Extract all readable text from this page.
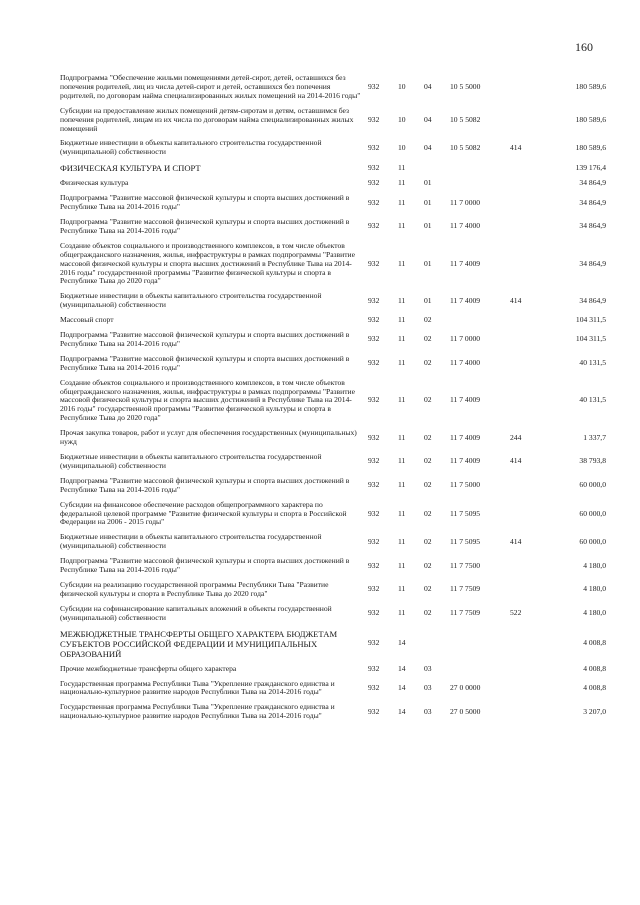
160
Подпрограмма "Обеспечение жильми помещениями детей-сирот, детей, оставшихся без попечения родителей, лиц из числа детей-сирот и детей, оставшихся без попечения родителей, по договорам найма специализированных жилых помещений на 2014-2016 годы"	932	10	04	10 5 5000		180 589,6
Субсидии на предоставление жилых помещений детям-сиротам и детям, оставшимся без попечения родителей, лицам из их числа по договорам найма специализированных жилых помещений	932	10	04	10 5 5082		180 589,6
Бюджетные инвестиции в объекты капитального строительства государственной (муниципальной) собственности	932	10	04	10 5 5082	414	180 589,6
ФИЗИЧЕСКАЯ КУЛЬТУРА И СПОРТ	932	11				139 176,4
Физическая культура	932	11	01			34 864,9
Подпрограмма "Развитие массовой физической культуры и спорта высших достижений в Республике Тыва на 2014-2016 годы"	932	11	01	11 7 0000		34 864,9
Подпрограмма "Развитие массовой физической культуры и спорта высших достижений в Республике Тыва на 2014-2016 годы"	932	11	01	11 7 4000		34 864,9
Создание объектов социального и производственного комплексов, в том числе объектов общегражданского назначения, жилья, инфраструктуры в рамках подпрограммы "Развитие массовой физической культуры и спорта высших достижений в Республике Тыва на 2014-2016 годы" государственной программы "Развитие физической культуры и спорта в Республике Тыва до 2020 года"	932	11	01	11 7 4009		34 864,9
Бюджетные инвестиции в объекты капитального строительства государственной (муниципальной) собственности	932	11	01	11 7 4009	414	34 864,9
Массовый спорт	932	11	02			104 311,5
Подпрограмма "Развитие массовой физической культуры и спорта высших достижений в Республике Тыва на 2014-2016 годы"	932	11	02	11 7 0000		104 311,5
Подпрограмма "Развитие массовой физической культуры и спорта высших достижений в Республике Тыва на 2014-2016 годы"	932	11	02	11 7 4000		40 131,5
Создание объектов социального и производственного комплексов, в том числе объектов общегражданского назначения, жилья, инфраструктуры в рамках подпрограммы "Развитие массовой физической культуры и спорта высших достижений в Республике Тыва на 2014-2016 годы" государственной программы "Развитие физической культуры и спорта в Республике Тыва до 2020 года"	932	11	02	11 7 4009		40 131,5
Прочая закупка товаров, работ и услуг для обеспечения государственных (муниципальных) нужд	932	11	02	11 7 4009	244	1 337,7
Бюджетные инвестиции в объекты капитального строительства государственной (муниципальной) собственности	932	11	02	11 7 4009	414	38 793,8
Подпрограмма "Развитие массовой физической культуры и спорта высших достижений в Республике Тыва на 2014-2016 годы"	932	11	02	11 7 5000		60 000,0
Субсидии на финансовое обеспечение расходов общепрограммного характера по федеральной целевой программе "Развитие физической культуры и спорта в Российской Федерации на 2006 - 2015 годы"	932	11	02	11 7 5095		60 000,0
Бюджетные инвестиции в объекты капитального строительства государственной (муниципальной) собственности	932	11	02	11 7 5095	414	60 000,0
Подпрограмма "Развитие массовой физической культуры и спорта высших достижений в Республике Тыва на 2014-2016 годы"	932	11	02	11 7 7500		4 180,0
Субсидии на реализацию государственной программы Республики Тыва "Развитие физической культуры и спорта в Республике Тыва до 2020 года"	932	11	02	11 7 7509		4 180,0
Субсидии на софинансирование капитальных вложений в объекты государственной (муниципальной) собственности	932	11	02	11 7 7509	522	4 180,0
МЕЖБЮДЖЕТНЫЕ ТРАНСФЕРТЫ ОБЩЕГО ХАРАКТЕРА БЮДЖЕТАМ СУБЪЕКТОВ РОССИЙСКОЙ ФЕДЕРАЦИИ И МУНИЦИПАЛЬНЫХ ОБРАЗОВАНИЙ	932	14				4 008,8
Прочие межбюджетные трансферты общего характера	932	14	03			4 008,8
Государственная программа Республики Тыва "Укрепление гражданского единства и национально-культурное развитие народов Республики Тыва на 2014-2016 годы"	932	14	03	27 0 0000		4 008,8
Государственная программа Республики Тыва "Укрепление гражданского единства и национально-культурное развитие народов Республики Тыва на 2014-2016 годы"	932	14	03	27 0 5000		3 207,0
